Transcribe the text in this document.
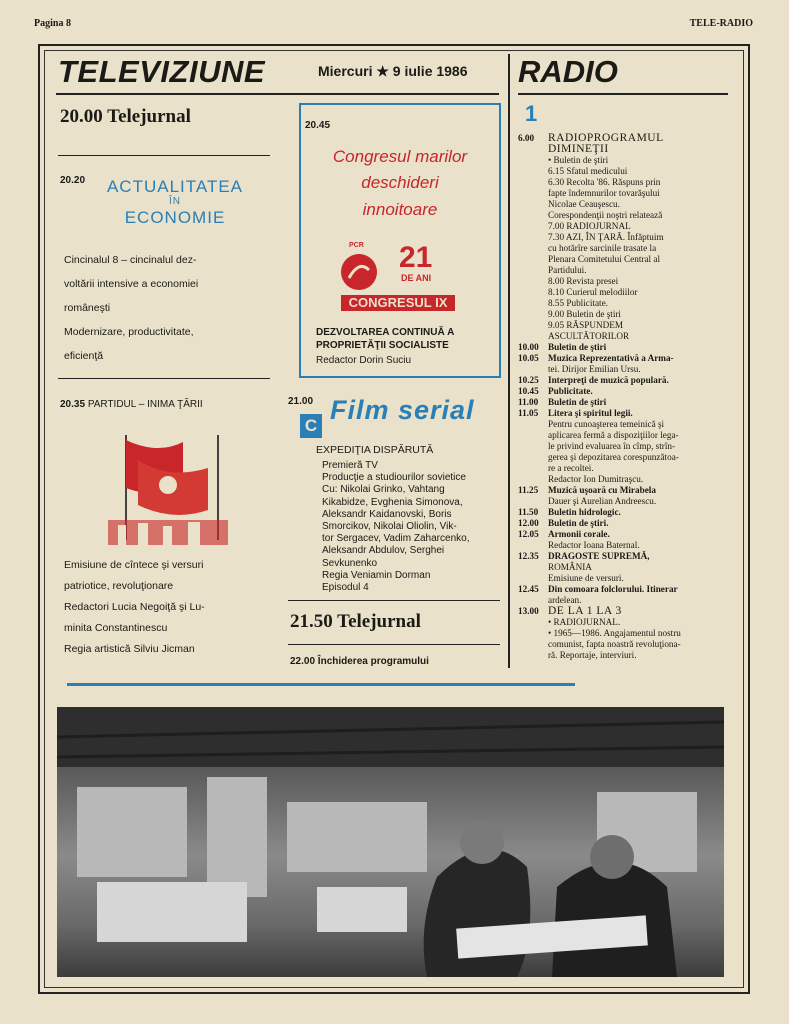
Pagina 8	TELE-RADIO
TELEVIZIUNE	Miercuri ★ 9 iulie 1986 RADIO
20.00 Telejurnal
20.20	ACTUALITATEA
ÎN
ECONOMIE
Cincinalul 8 – cincinalul dez-
voltării intensive a economiei
româneşti
Modernizare, productivitate,
eficienţă
20.35 PARTIDUL – INIMA ŢĂRII
Emisiune de cîntece şi versuri
patriotice, revoluţionare
Redactori Lucia Negoiţă şi Lu-
minita Constantinescu
Regia artistică Silviu Jicman
20.45
Congresul marilor
deschideri
innoitoare
PCR 21
DE ANI
CONGRESUL IX
DEZVOLTAREA CONTINUĂ A PROPRIETĂŢII SOCIALISTE
Redactor Dorin Suciu
21.00
C
Film serial
EXPEDIŢIA DISPĂRUTĂ
Premieră TV
Producţie a studiourilor sovietice
Cu: Nikolai Grinko, Vahtang
Kikabidze, Evghenia Simonova,
Aleksandr Kaidanovski, Boris
Smorcikov, Nikolai Oliolin, Vik-
tor Sergacev, Vadim Zaharcenko,
Aleksandr Abdulov, Serghei
Sevkunenko
Regia Veniamin Dorman
Episodul 4
21.50 Telejurnal
22.00 Închiderea programului
1
6.00 RADIOPROGRAMUL
DIMINEŢII
• Buletin de ştiri
6.15 Sfatul medicului
6.30 Recolta '86. Răspuns prin
fapte îndemnurilor tovarăşului
Nicolae Ceauşescu.
Corespondenţii noştri relatează
7.00 RADIOJURNAL
7.30 AZI, ÎN ŢARĂ. Înfăptuim
cu hotărîre sarcinile trasate la
Plenara Comitetului Central al
Partidului.
8.00 Revista presei
8.10 Curierul melodiilor
8.55 Publicitate.
9.00 Buletin de ştiri
9.05 RĂSPUNDEM
ASCULTĂTORILOR
10.00 Buletin de ştiri
10.05 Muzica Reprezentativă a Arma-
tei. Dirijor Emilian Ursu.
10.25 Interpreţi de muzică populară.
10.45 Publicitate.
11.00 Buletin de ştiri
11.05 Litera şi spiritul legii.
Pentru cunoaşterea temeinică şi
aplicarea fermă a dispoziţiilor lega-
le privind evaluarea în cîmp, strîn-
gerea şi depozitarea corespunzătoa-
re a recoltei.
Redactor Ion Dumitraşcu.
11.25 Muzică uşoară cu Mirabela
Dauer şi Aurelian Andreescu.
11.50 Buletin hidrologic.
12.00 Buletin de ştiri.
12.05 Armonii corale.
Redactor Ioana Baternal.
12.35 DRAGOSTE SUPREMĂ,
ROMÂNIA
Emisiune de versuri.
12.45 Din comoara folclorului. Itinerar
ardelean.
13.00 DE LA 1 LA 3
• RADIOJURNAL.
• 1965—1986. Angajamentul nostru
comunist, fapta noastră revoluţiona-
ră. Reportaje, interviuri.
